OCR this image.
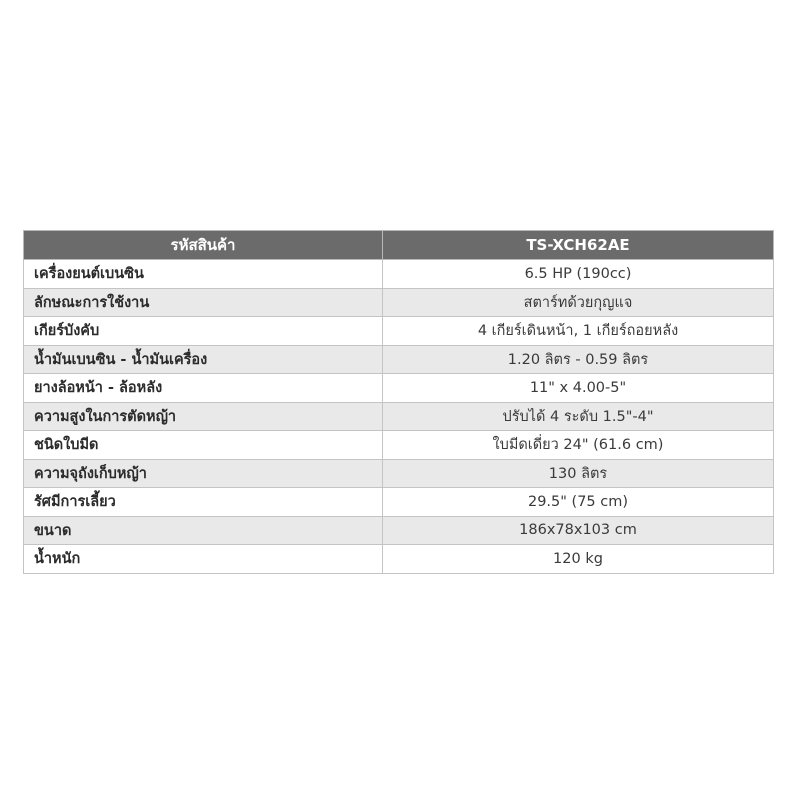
รหัสสินค้า	TS-XCH62AE
เครื่องยนต์เบนซิน	6.5 HP (190cc)
ลักษณะการใช้งาน	สตาร์ทด้วยกุญแจ
เกียร์บังคับ	4 เกียร์เดินหน้า, 1 เกียร์ถอยหลัง
น้ำมันเบนซิน - น้ำมันเครื่อง	1.20 ลิตร - 0.59 ลิตร
ยางล้อหน้า - ล้อหลัง	11" x 4.00-5"
ความสูงในการตัดหญ้า	ปรับได้ 4 ระดับ 1.5"-4"
ชนิดใบมีด	ใบมีดเดี่ยว 24" (61.6 cm)
ความจุถังเก็บหญ้า	130 ลิตร
รัศมีการเลี้ยว	29.5" (75 cm)
ขนาด	186x78x103 cm
น้ำหนัก	120 kg
